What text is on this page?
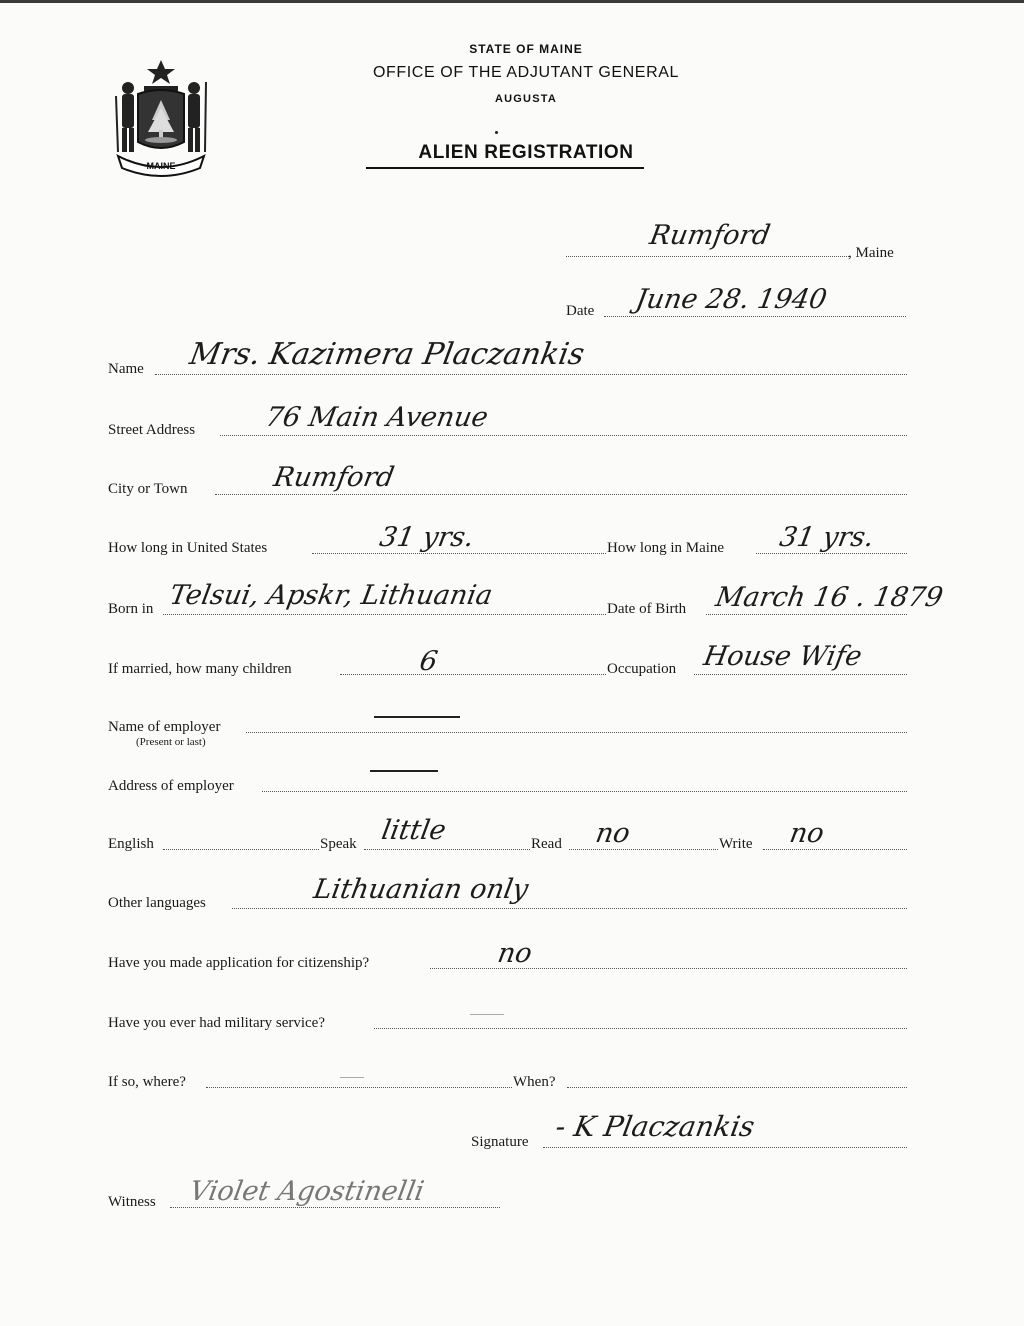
MAINE
STATE OF MAINE
OFFICE OF THE ADJUTANT GENERAL
AUGUSTA
ALIEN REGISTRATION
Rumford
, Maine
Date June 28. 1940
Name Mrs. Kazimera Placzankis
Street Address	76 Main Avenue
City or Town	Rumford
How long in United States	31 yrs.	How long in Maine 31 yrs.
Born in Telsui, Apskr, Lithuania	Date of Birth March 16 . 1879
If married, how many children	6	Occupation House Wife
Name of employer
(Present or last)
Address of employer
English	Speak little	Read no	Write no
Other languages	Lithuanian only
Have you made application for citizenship?	no
Have you ever had military service?
If so, where?	When?
Signature - K Placzankis
Witness Violet Agostinelli
